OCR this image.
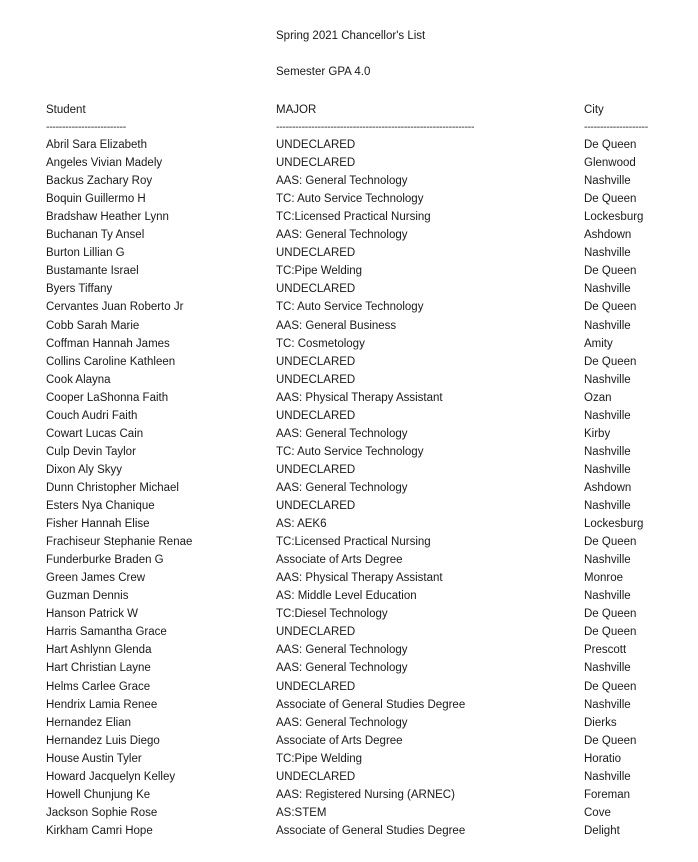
Spring 2021 Chancellor's List
Semester GPA 4.0
Student	MAJOR	City
-------------------------	--------------------------------------------------------------	--------------------
Abril Sara Elizabeth	UNDECLARED	De Queen
Angeles Vivian Madely	UNDECLARED	Glenwood
Backus Zachary Roy	AAS: General Technology	Nashville
Boquin Guillermo H	TC: Auto Service Technology	De Queen
Bradshaw Heather Lynn	TC:Licensed Practical Nursing	Lockesburg
Buchanan Ty Ansel	AAS: General Technology	Ashdown
Burton Lillian G	UNDECLARED	Nashville
Bustamante Israel	TC:Pipe Welding	De Queen
Byers Tiffany	UNDECLARED	Nashville
Cervantes Juan Roberto Jr	TC: Auto Service Technology	De Queen
Cobb Sarah Marie	AAS: General Business	Nashville
Coffman Hannah James	TC: Cosmetology	Amity
Collins Caroline Kathleen	UNDECLARED	De Queen
Cook Alayna	UNDECLARED	Nashville
Cooper LaShonna Faith	AAS: Physical Therapy Assistant	Ozan
Couch Audri Faith	UNDECLARED	Nashville
Cowart Lucas Cain	AAS: General Technology	Kirby
Culp Devin Taylor	TC: Auto Service Technology	Nashville
Dixon Aly Skyy	UNDECLARED	Nashville
Dunn Christopher Michael	AAS: General Technology	Ashdown
Esters Nya Chanique	UNDECLARED	Nashville
Fisher Hannah Elise	AS: AEK6	Lockesburg
Frachiseur Stephanie Renae	TC:Licensed Practical Nursing	De Queen
Funderburke Braden G	Associate of Arts Degree	Nashville
Green James Crew	AAS: Physical Therapy Assistant	Monroe
Guzman Dennis	AS: Middle Level Education	Nashville
Hanson Patrick W	TC:Diesel Technology	De Queen
Harris Samantha Grace	UNDECLARED	De Queen
Hart Ashlynn Glenda	AAS: General Technology	Prescott
Hart Christian Layne	AAS: General Technology	Nashville
Helms Carlee Grace	UNDECLARED	De Queen
Hendrix Lamia Renee	Associate of General Studies Degree	Nashville
Hernandez Elian	AAS: General Technology	Dierks
Hernandez Luis Diego	Associate of Arts Degree	De Queen
House Austin Tyler	TC:Pipe Welding	Horatio
Howard Jacquelyn Kelley	UNDECLARED	Nashville
Howell Chunjung Ke	AAS: Registered Nursing (ARNEC)	Foreman
Jackson Sophie Rose	AS:STEM	Cove
Kirkham Camri Hope	Associate of General Studies Degree	Delight
